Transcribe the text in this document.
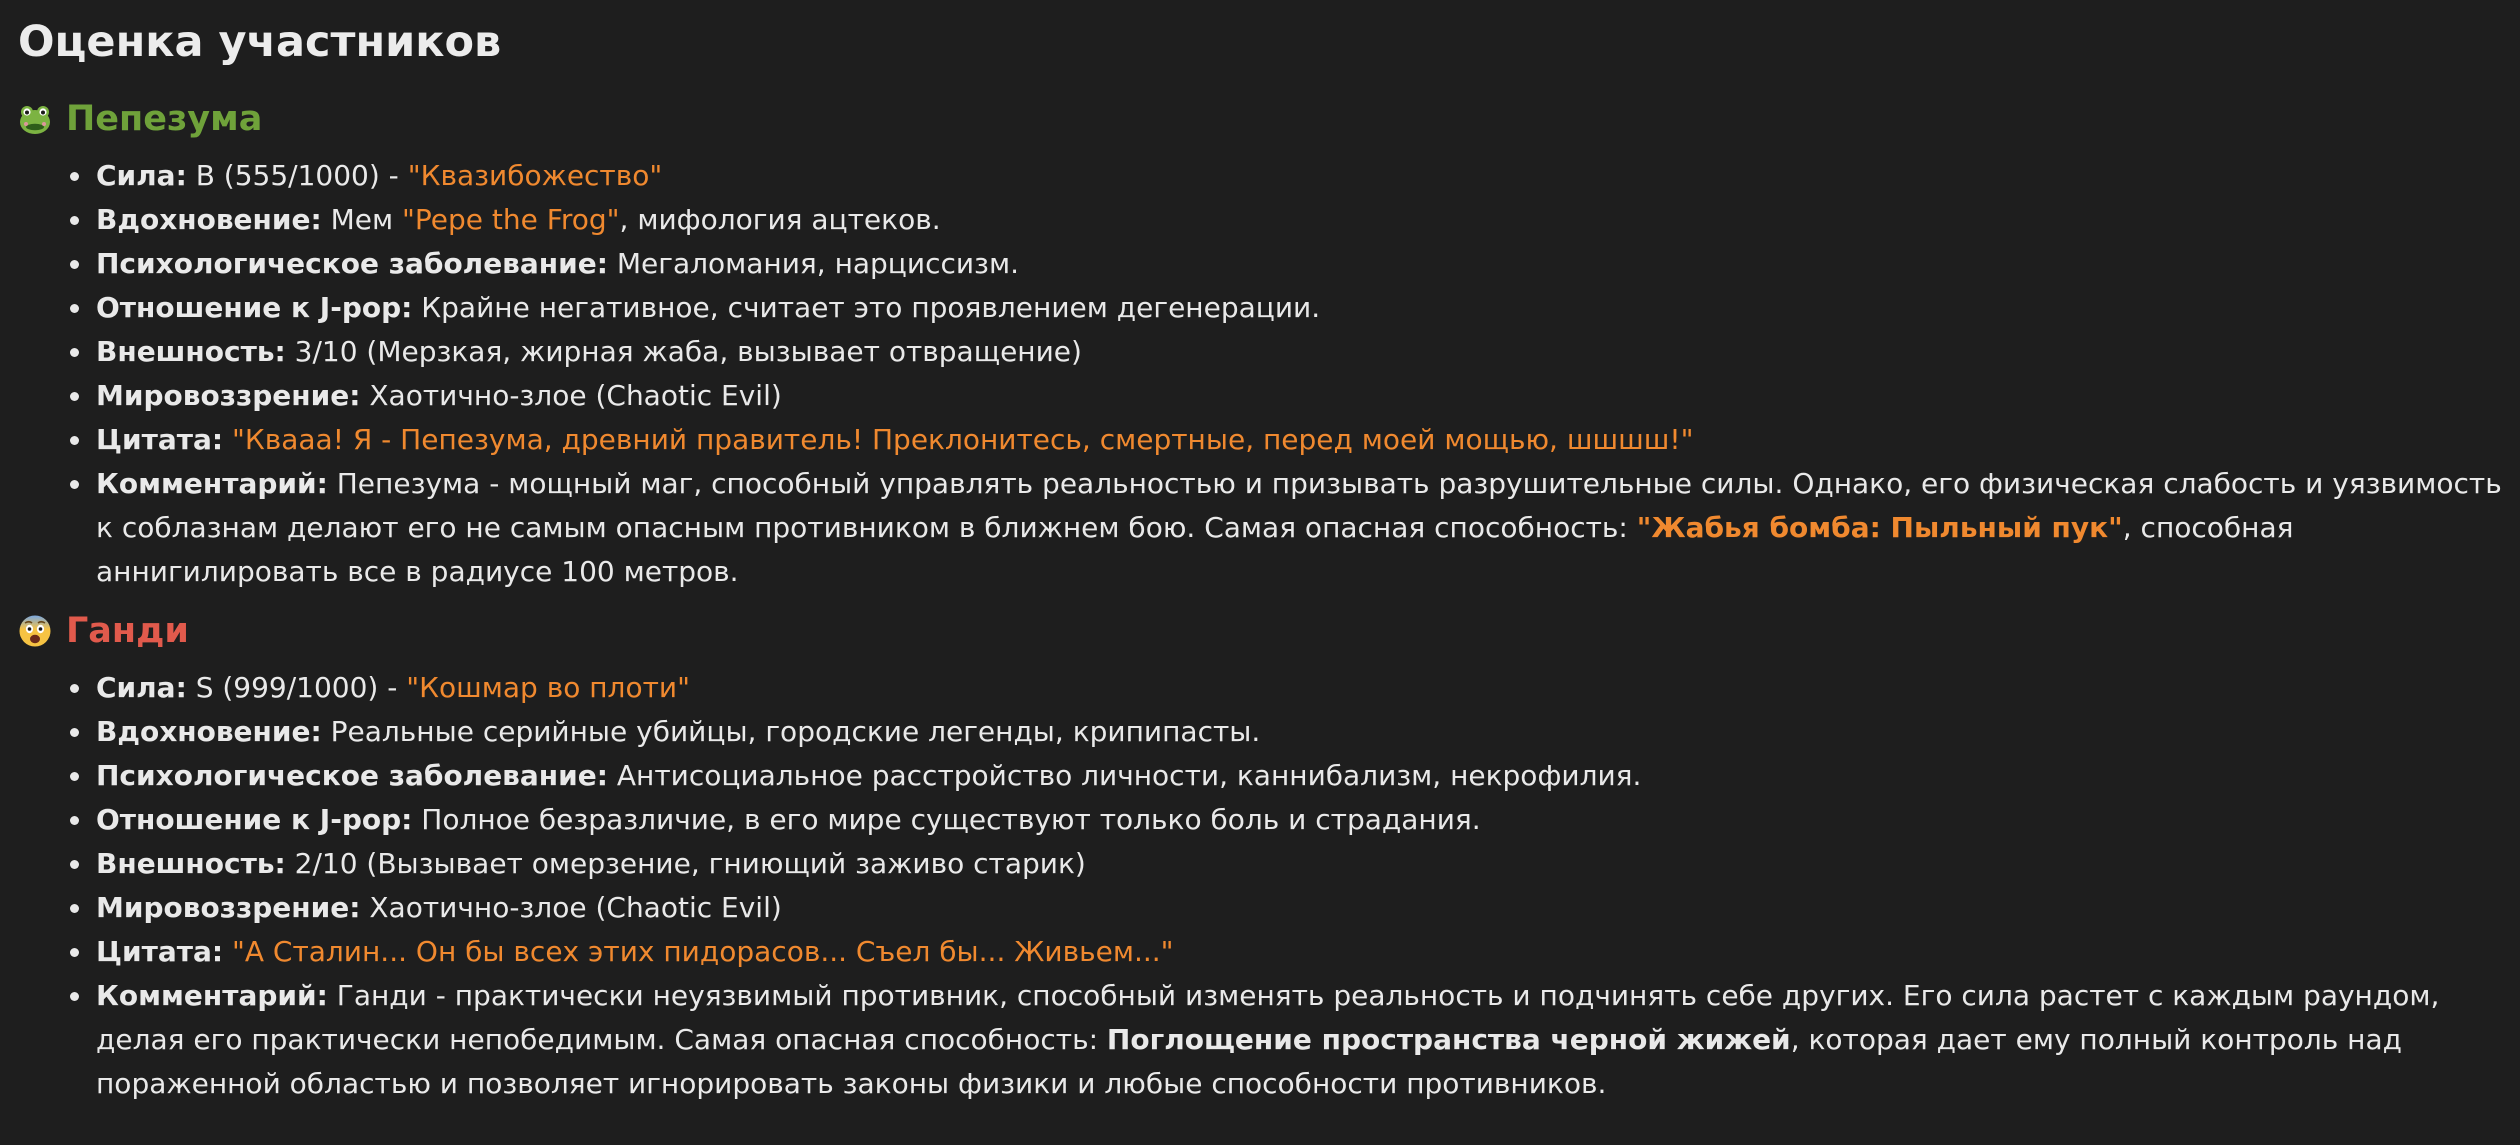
Оценка участников
Пепезума
• Сила: B (555/1000) - "Квазибожество"
• Вдохновение: Мем "Pepe the Frog", мифология ацтеков.
• Психологическое заболевание: Мегаломания, нарциссизм.
• Отношение к J-pop: Крайне негативное, считает это проявлением дегенерации.
• Внешность: 3/10 (Мерзкая, жирная жаба, вызывает отвращение)
• Мировоззрение: Хаотично-злое (Chaotic Evil)
• Цитата: "Кваaa! Я - Пепезума, древний правитель! Преклонитесь, смертные, перед моей мощью, шшшш!"
• Комментарий: Пепезума - мощный маг, способный управлять реальностью и призывать разрушительные силы. Однако, его физическая слабость и уязвимость к соблазнам делают его не самым опасным противником в ближнем бою. Самая опасная способность: "Жабья бомба: Пыльный пук", способная аннигилировать все в радиусе 100 метров.
Ганди
• Сила: S (999/1000) - "Кошмар во плоти"
• Вдохновение: Реальные серийные убийцы, городские легенды, крипипасты.
• Психологическое заболевание: Антисоциальное расстройство личности, каннибализм, некрофилия.
• Отношение к J-pop: Полное безразличие, в его мире существуют только боль и страдания.
• Внешность: 2/10 (Вызывает омерзение, гниющий заживо старик)
• Мировоззрение: Хаотично-злое (Chaotic Evil)
• Цитата: "А Сталин... Он бы всех этих пидорасов... Съел бы... Живьем..."
• Комментарий: Ганди - практически неуязвимый противник, способный изменять реальность и подчинять себе других. Его сила растет с каждым раундом, делая его практически непобедимым. Самая опасная способность: Поглощение пространства черной жижей, которая дает ему полный контроль над пораженной областью и позволяет игнорировать законы физики и любые способности противников.
